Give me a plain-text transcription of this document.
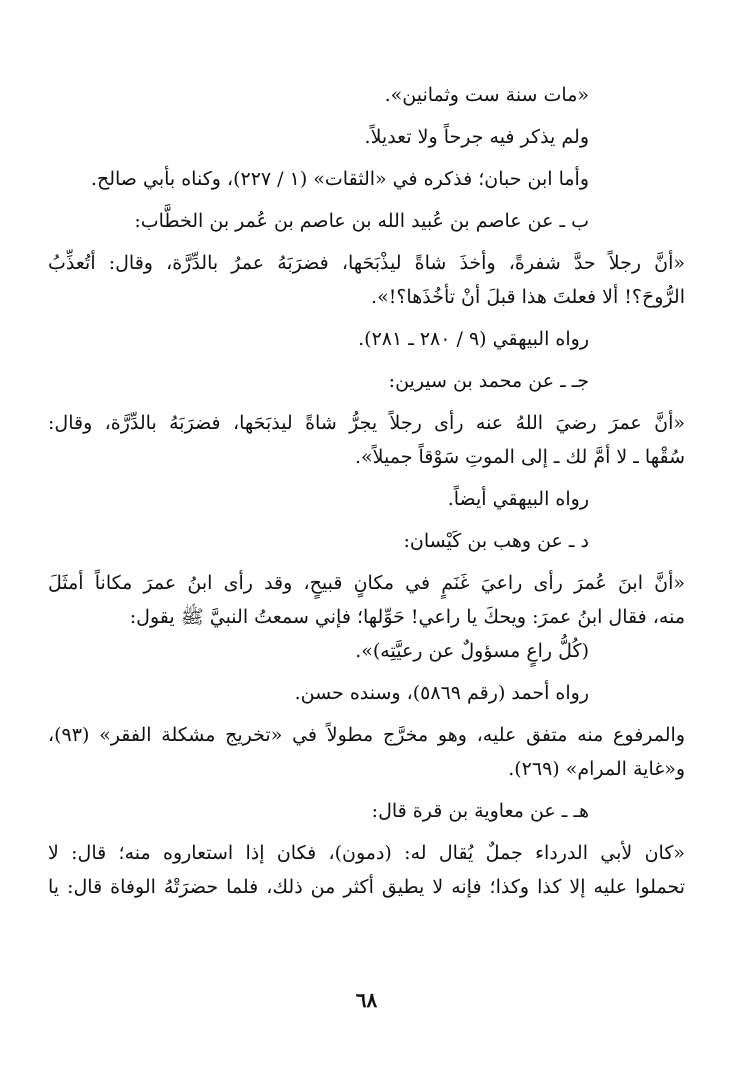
«مات سنة ست وثمانين».
ولم يذكر فيه جرحاً ولا تعديلاً.
وأما ابن حبان؛ فذكره في «الثقات» (١ / ٢٢٧)، وكناه بأبي صالح.
ب ـ عن عاصم بن عُبيد الله بن عاصم بن عُمر بن الخطَّاب:
«أنَّ رجلاً حدَّ شفرةً، وأخذَ شاةً ليذْبَحَها، فضرَبَهُ عمرُ بالدِّرَّة، وقال: أتُعذِّبُ
الرُّوحَ؟! ألا فعلتَ هذا قبلَ أنْ تأخُذَها؟!».
رواه البيهقي (٩ / ٢٨٠ ـ ٢٨١).
جـ ـ عن محمد بن سيرين:
«أنَّ عمرَ رضيَ اللهُ عنه رأى رجلاً يجرُّ شاةً ليذبَحَها، فضرَبَهُ بالدِّرَّة، وقال:
سُقْها ـ لا أمَّ لك ـ إلى الموتِ سَوْقاً جميلاً».
رواه البيهقي أيضاً.
د ـ عن وهب بن كَيْسان:
«أنَّ ابنَ عُمرَ رأى راعيَ غَنَمٍ في مكانٍ قبيحٍ، وقد رأى ابنُ عمرَ مكاناً أمثَلَ
منه، فقال ابنُ عمرَ: ويحكَ يا راعي! حَوِّلها؛ فإني سمعتُ النبيَّ ﷺ يقول:
(كُلُّ راعٍ مسؤولٌ عن رعيَّتِه)».
رواه أحمد (رقم ٥٨٦٩)، وسنده حسن.
والمرفوع منه متفق عليه، وهو مخرَّج مطولاً في «تخريج مشكلة الفقر» (٩٣)،
و«غاية المرام» (٢٦٩).
هـ ـ عن معاوية بن قرة قال:
«كان لأبي الدرداء جملٌ يُقال له: (دمون)، فكان إذا استعاروه منه؛ قال: لا
تحملوا عليه إلا كذا وكذا؛ فإنه لا يطيق أكثر من ذلك، فلما حضرَتْهُ الوفاة قال: يا
٦٨
